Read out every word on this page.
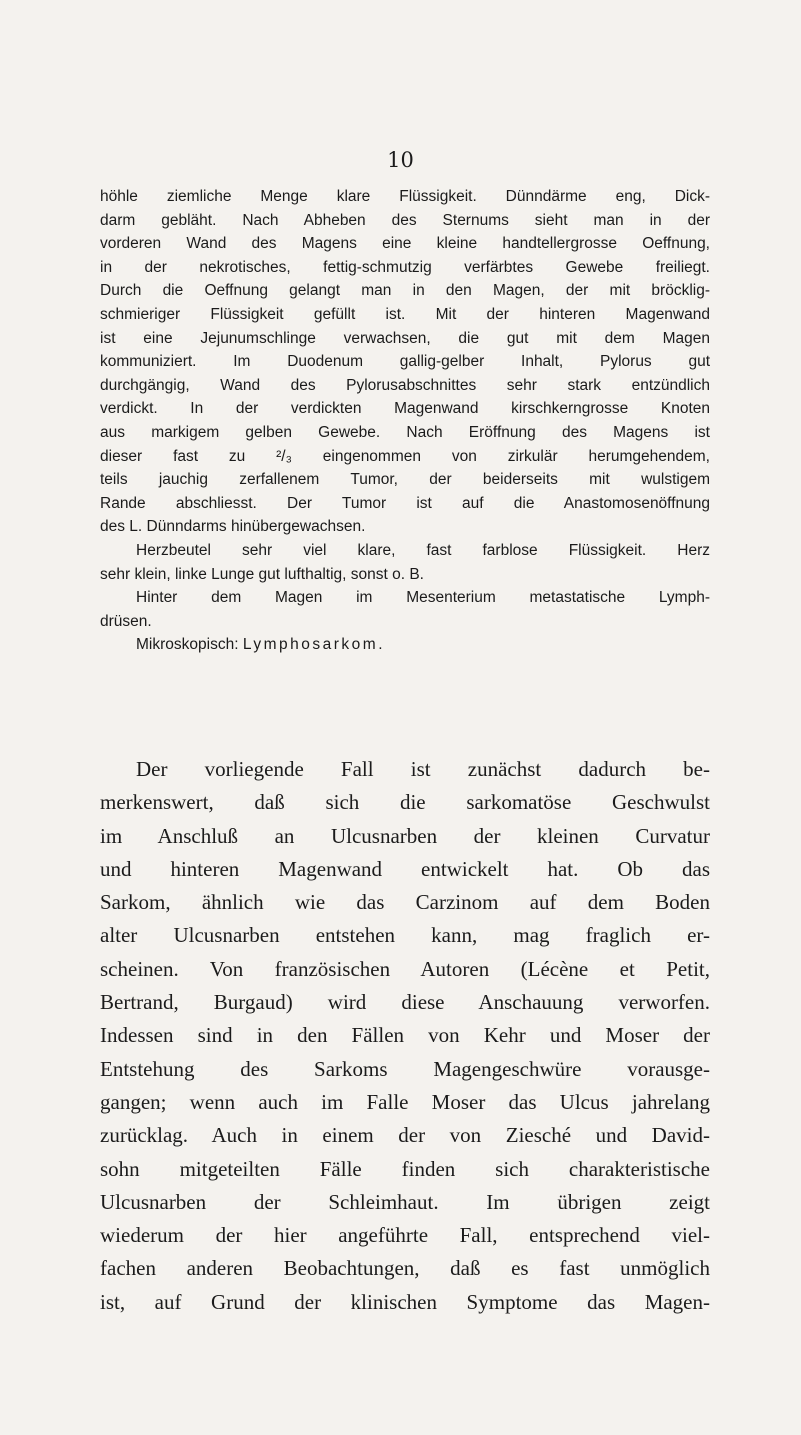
10

höhle ziemliche Menge klare Flüssigkeit. Dünndärme eng, Dick-
darm gebläht. Nach Abheben des Sternums sieht man in der
vorderen Wand des Magens eine kleine handtellergrosse Oeffnung,
in der nekrotisches, fettig-schmutzig verfärbtes Gewebe freiliegt.
Durch die Oeffnung gelangt man in den Magen, der mit bröcklig-
schmieriger Flüssigkeit gefüllt ist. Mit der hinteren Magenwand
ist eine Jejunumschlinge verwachsen, die gut mit dem Magen
kommuniziert. Im Duodenum gallig-gelber Inhalt, Pylorus gut
durchgängig, Wand des Pylorusabschnittes sehr stark entzündlich
verdickt. In der verdickten Magenwand kirschkerngrosse Knoten
aus markigem gelben Gewebe. Nach Eröffnung des Magens ist
dieser fast zu ²/₃ eingenommen von zirkulär herumgehendem,
teils jauchig zerfallenem Tumor, der beiderseits mit wulstigem
Rande abschliesst. Der Tumor ist auf die Anastomosenöffnung
des L. Dünndarms hinübergewachsen.

Herzbeutel sehr viel klare, fast farblose Flüssigkeit. Herz

sehr klein, linke Lunge gut lufthaltig, sonst o. B.

Hinter dem Magen im Mesenterium metastatische Lymph-

drüsen.

Mikroskopisch: Lymphosarkom.

Der vorliegende Fall ist zunächst dadurch be-
merkenswert, daß sich die sarkomatöse Geschwulst
im Anschluß an Ulcusnarben der kleinen Curvatur
und hinteren Magenwand entwickelt hat. Ob das
Sarkom, ähnlich wie das Carzinom auf dem Boden
alter Ulcusnarben entstehen kann, mag fraglich er-
scheinen. Von französischen Autoren (Lécène et Petit,
Bertrand, Burgaud) wird diese Anschauung verworfen.
Indessen sind in den Fällen von Kehr und Moser der
Entstehung des Sarkoms Magengeschwüre vorausge-
gangen; wenn auch im Falle Moser das Ulcus jahrelang
zurücklag. Auch in einem der von Ziesché und David-
sohn mitgeteilten Fälle finden sich charakteristische
Ulcusnarben der Schleimhaut. Im übrigen zeigt
wiederum der hier angeführte Fall, entsprechend viel-
fachen anderen Beobachtungen, daß es fast unmöglich
ist, auf Grund der klinischen Symptome das Magen-
